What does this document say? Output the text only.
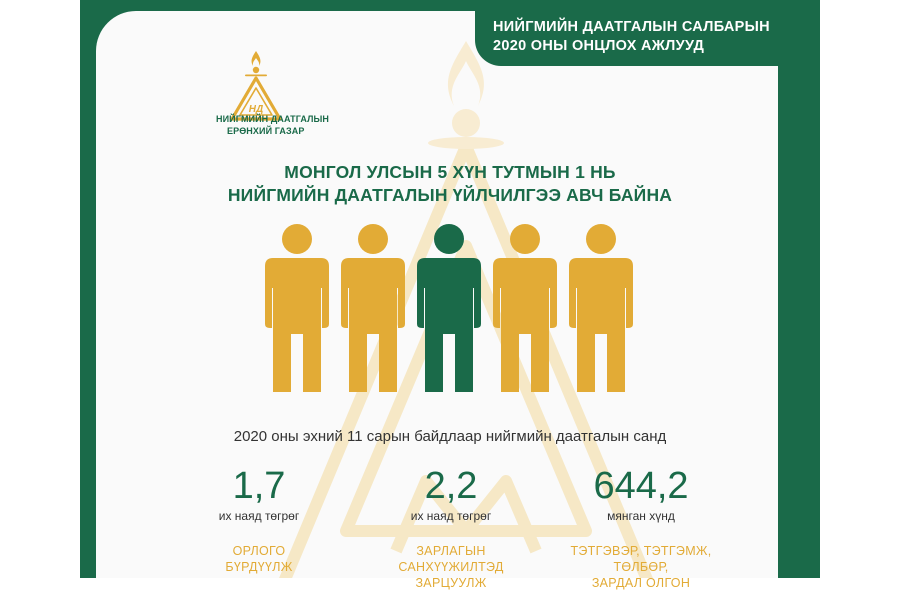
НД
НИЙГМИЙН ДААТГАЛЫН
ЕРӨНХИЙ ГАЗАР
НИЙГМИЙН ДААТГАЛЫН САЛБАРЫН
2020 ОНЫ ОНЦЛОХ АЖЛУУД
МОНГОЛ УЛСЫН 5 ХҮН ТУТМЫН 1 НЬ
НИЙГМИЙН ДААТГАЛЫН ҮЙЛЧИЛГЭЭ АВЧ БАЙНА
2020 оны эхний 11 сарын байдлаар нийгмийн даатгалын санд
1,7
их наяд төгрөг
ОРЛОГО
БҮРДҮҮЛЖ
2,2
их наяд төгрөг
ЗАРЛАГЫН
САНХҮҮЖИЛТЭД
ЗАРЦУУЛЖ
644,2
мянган хүнд
ТЭТГЭВЭР, ТЭТГЭМЖ,
ТӨЛБӨР,
ЗАРДАЛ ОЛГОН
